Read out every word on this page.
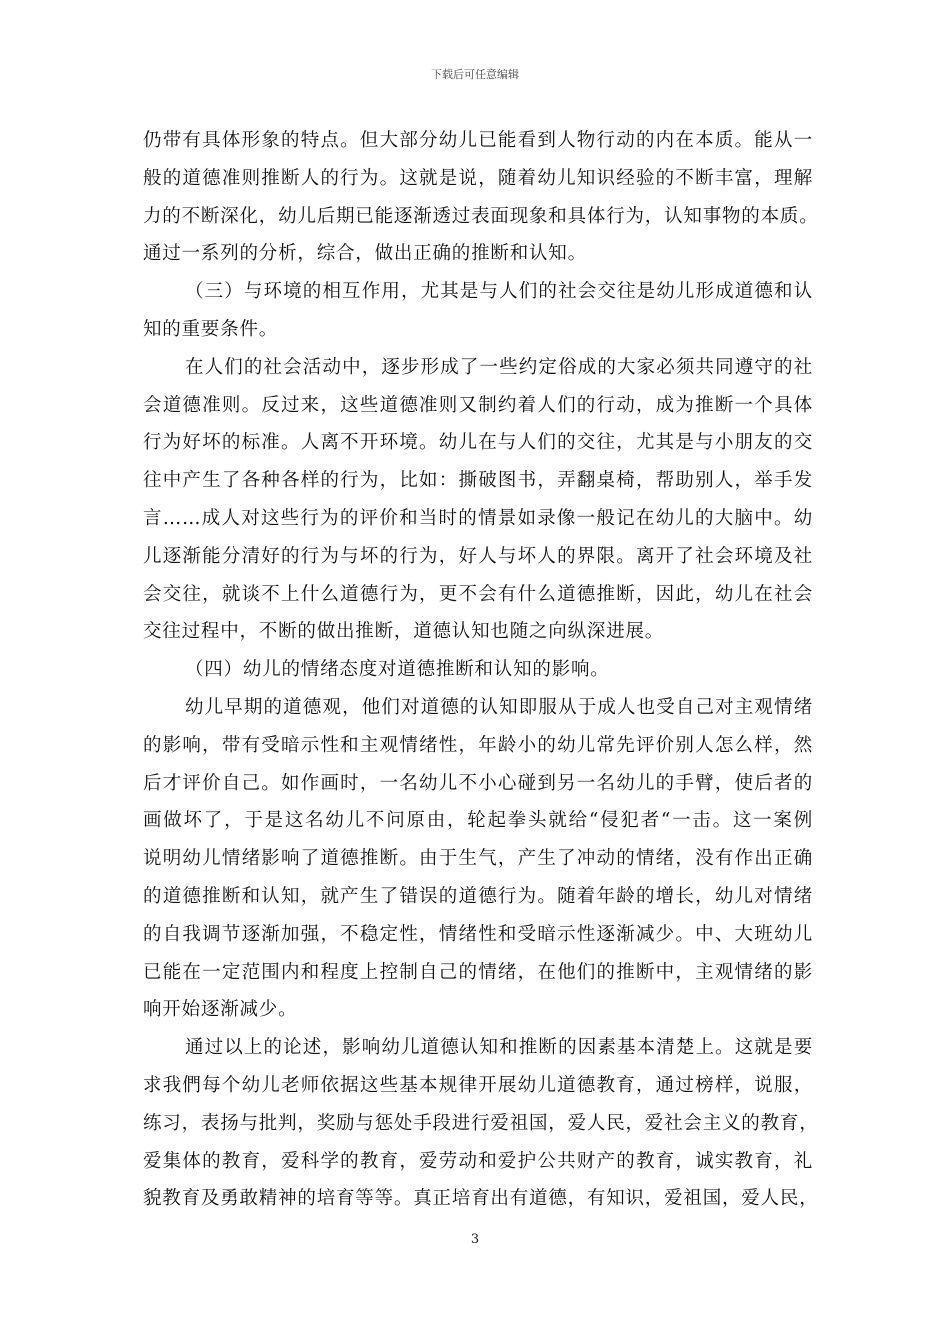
下载后可任意编辑
仍带有具体形象的特点。但大部分幼儿已能看到人物行动的内在本质。能从一
般的道德准则推断人的行为。这就是说，随着幼儿知识经验的不断丰富，理解
力的不断深化，幼儿后期已能逐渐透过表面现象和具体行为，认知事物的本质。
通过一系列的分析，综合，做出正确的推断和认知。
（三）与环境的相互作用，尤其是与人们的社会交往是幼儿形成道德和认
知的重要条件。
在人们的社会活动中，逐步形成了一些约定俗成的大家必须共同遵守的社
会道德准则。反过来，这些道德准则又制约着人们的行动，成为推断一个具体
行为好坏的标准。人离不开环境。幼儿在与人们的交往，尤其是与小朋友的交
往中产生了各种各样的行为，比如：撕破图书，弄翻桌椅，帮助别人，举手发
言……成人对这些行为的评价和当时的情景如录像一般记在幼儿的大脑中。幼
儿逐渐能分清好的行为与坏的行为，好人与坏人的界限。离开了社会环境及社
会交往，就谈不上什么道德行为，更不会有什么道德推断，因此，幼儿在社会
交往过程中，不断的做出推断，道德认知也随之向纵深进展。
（四）幼儿的情绪态度对道德推断和认知的影响。
幼儿早期的道德观，他们对道德的认知即服从于成人也受自己对主观情绪
的影响，带有受暗示性和主观情绪性，年龄小的幼儿常先评价别人怎么样，然
后才评价自己。如作画时，一名幼儿不小心碰到另一名幼儿的手臂，使后者的
画做坏了，于是这名幼儿不问原由，轮起拳头就给“侵犯者“一击。这一案例
说明幼儿情绪影响了道德推断。由于生气，产生了冲动的情绪，没有作出正确
的道德推断和认知，就产生了错误的道德行为。随着年龄的增长，幼儿对情绪
的自我调节逐渐加强，不稳定性，情绪性和受暗示性逐渐减少。中、大班幼儿
已能在一定范围内和程度上控制自己的情绪，在他们的推断中，主观情绪的影
响开始逐渐减少。
通过以上的论述，影响幼儿道德认知和推断的因素基本清楚上。这就是要
求我們每个幼儿老师依据这些基本规律开展幼儿道德教育，通过榜样，说服，
练习，表扬与批判，奖励与惩处手段进行爱祖国，爱人民，爱社会主义的教育，
爱集体的教育，爱科学的教育，爱劳动和爱护公共财产的教育，诚实教育，礼
貌教育及勇敢精神的培育等等。真正培育出有道德，有知识，爱祖国，爱人民，
3
